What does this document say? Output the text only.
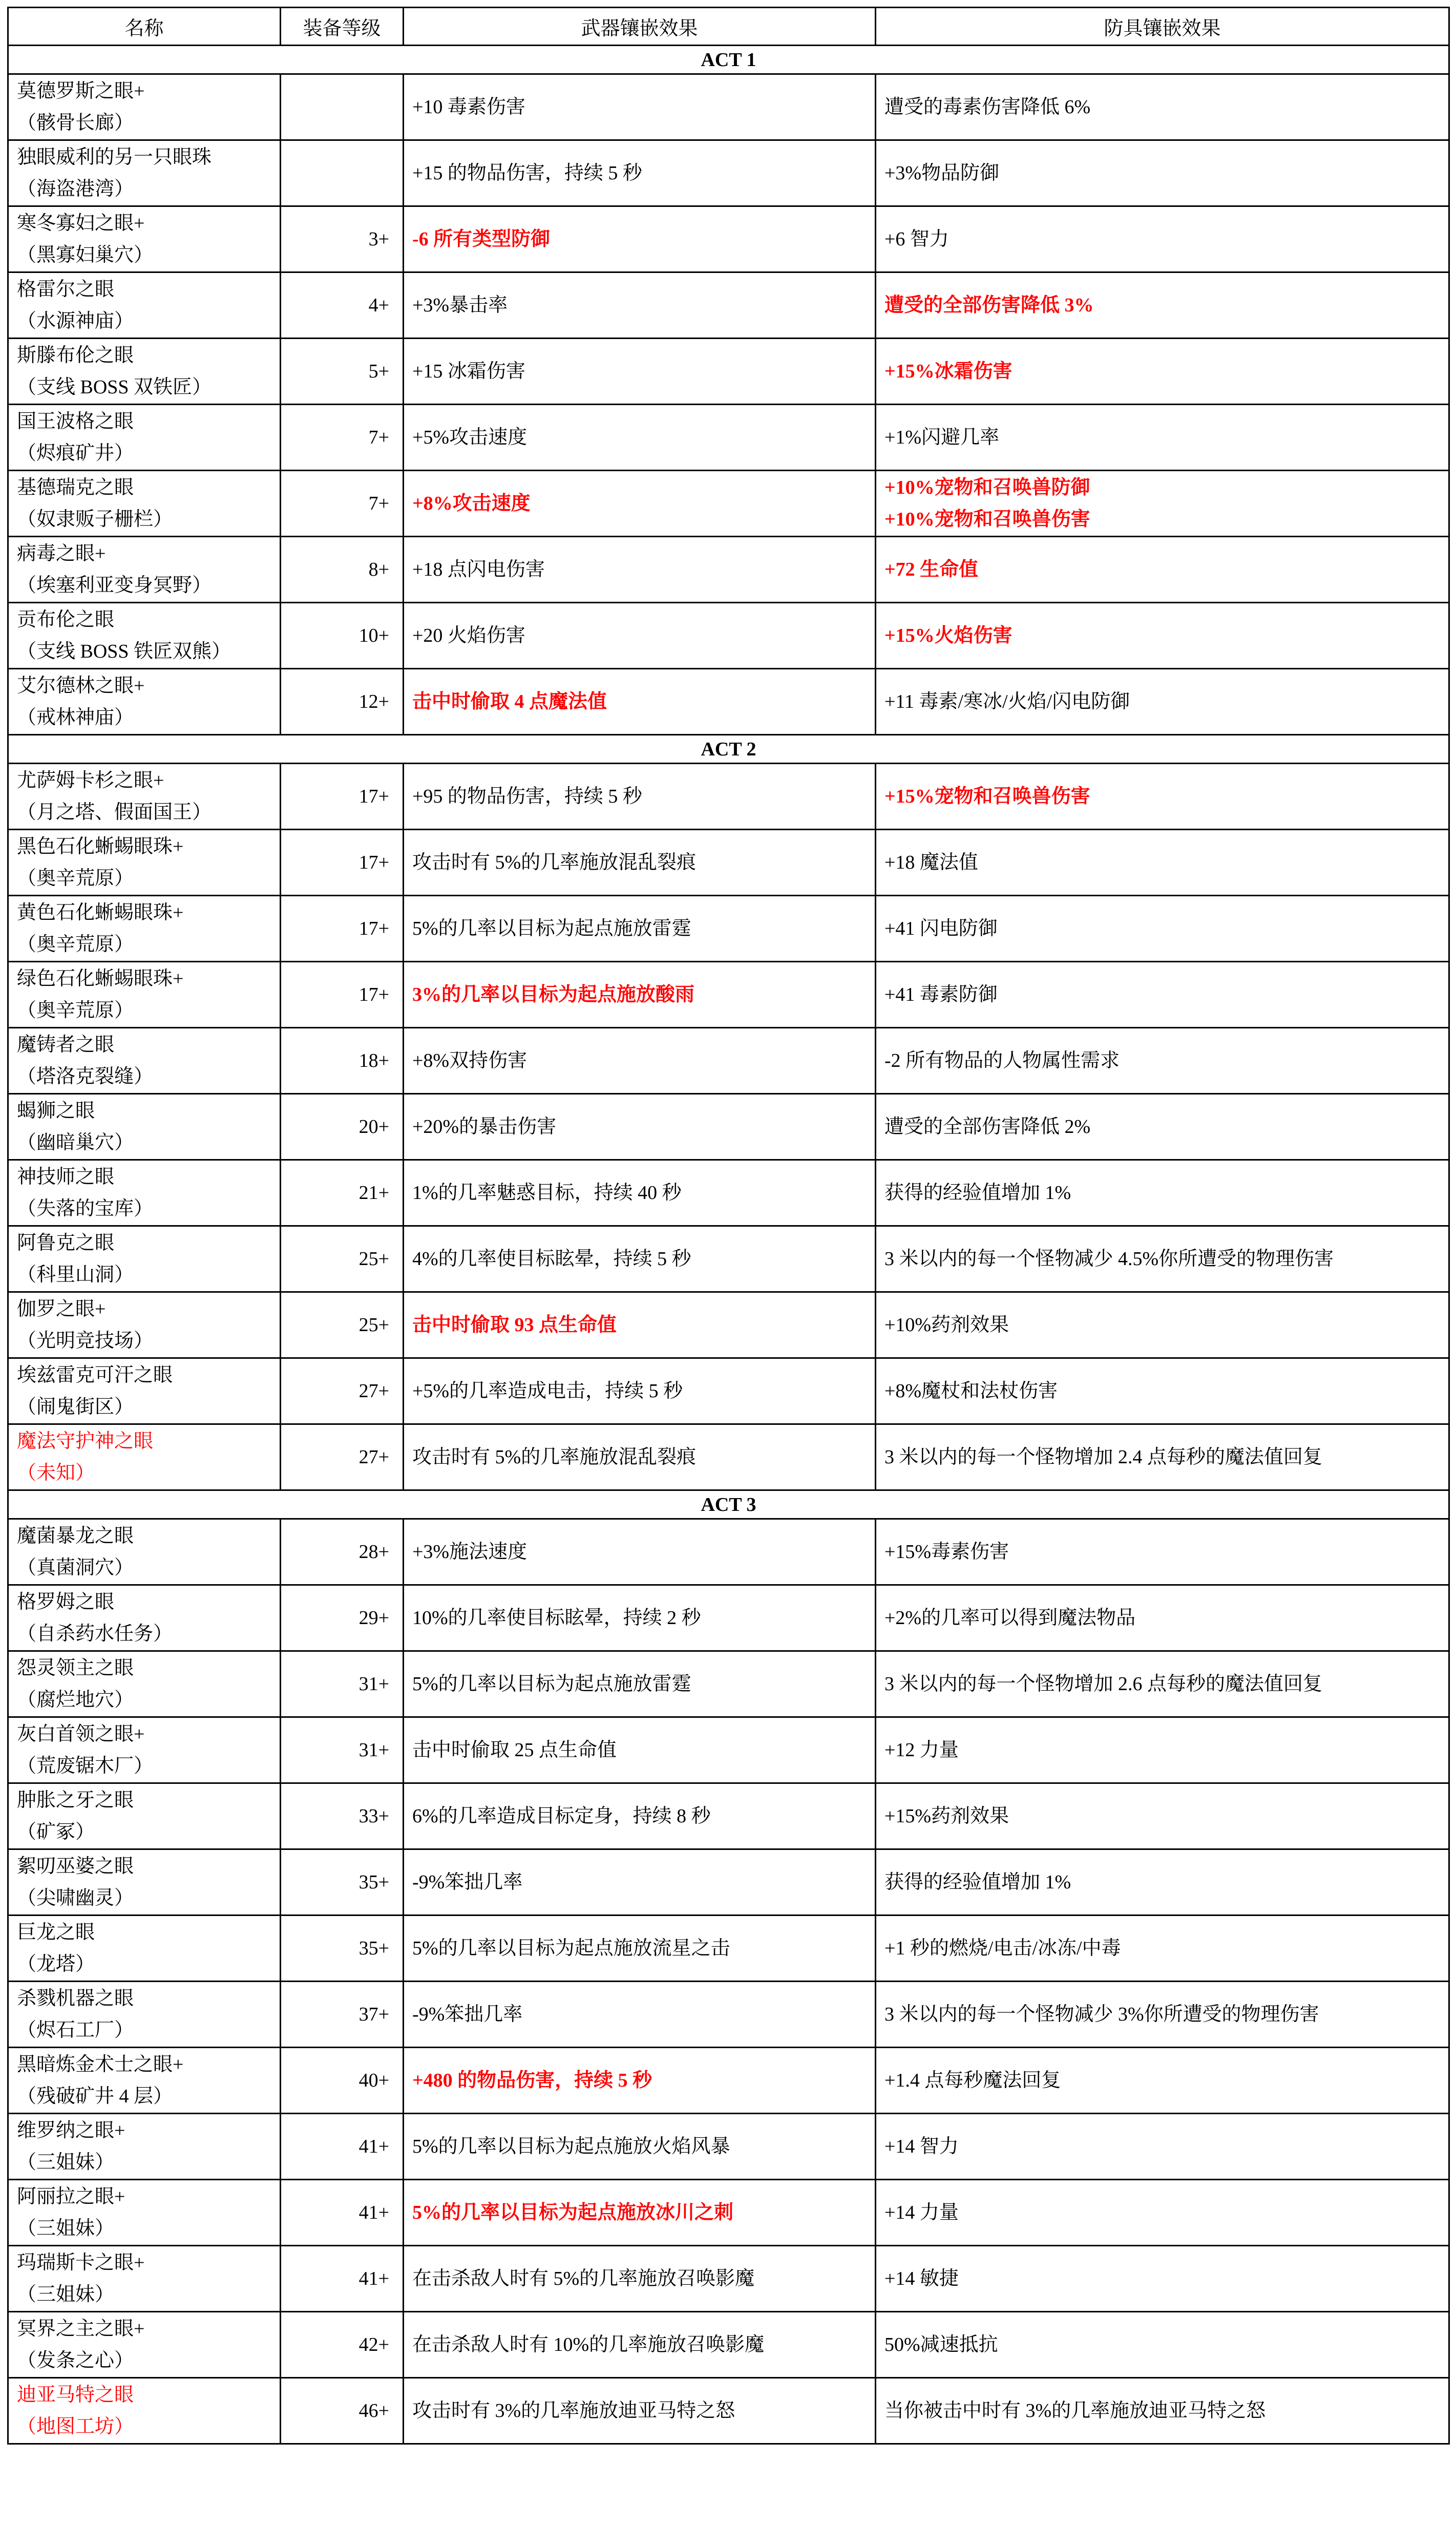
名称	装备等级	武器镶嵌效果	防具镶嵌效果
ACT 1			

莫德罗斯之眼+
（骸骨长廊）		+10 毒素伤害	遭受的毒素伤害降低 6%

独眼威利的另一只眼珠
（海盗港湾）		+15 的物品伤害，持续 5 秒	+3%物品防御

寒冬寡妇之眼+
（黑寡妇巢穴）	3+	-6 所有类型防御	+6 智力

格雷尔之眼
（水源神庙）	4+	+3%暴击率	遭受的全部伤害降低 3%

斯滕布伦之眼
（支线 BOSS 双铁匠）	5+	+15 冰霜伤害	+15%冰霜伤害

国王波格之眼
（烬痕矿井）	7+	+5%攻击速度	+1%闪避几率

基德瑞克之眼
（奴隶贩子栅栏）	7+	+8%攻击速度	+10%宠物和召唤兽防御
+10%宠物和召唤兽伤害

病毒之眼+
（埃塞利亚变身冥野）	8+	+18 点闪电伤害	+72 生命值

贡布伦之眼
（支线 BOSS 铁匠双熊）	10+	+20 火焰伤害	+15%火焰伤害

艾尔德林之眼+
（戒林神庙）	12+	击中时偷取 4 点魔法值	+11 毒素/寒冰/火焰/闪电防御

ACT 2			

尤萨姆卡杉之眼+
（月之塔、假面国王）	17+	+95 的物品伤害，持续 5 秒	+15%宠物和召唤兽伤害

黑色石化蜥蜴眼珠+
（奥辛荒原）	17+	攻击时有 5%的几率施放混乱裂痕	+18 魔法值

黄色石化蜥蜴眼珠+
（奥辛荒原）	17+	5%的几率以目标为起点施放雷霆	+41 闪电防御

绿色石化蜥蜴眼珠+
（奥辛荒原）	17+	3%的几率以目标为起点施放酸雨	+41 毒素防御

魔铸者之眼
（塔洛克裂缝）	18+	+8%双持伤害	-2 所有物品的人物属性需求

蝎狮之眼
（幽暗巢穴）	20+	+20%的暴击伤害	遭受的全部伤害降低 2%

神技师之眼
（失落的宝库）	21+	1%的几率魅惑目标，持续 40 秒	获得的经验值增加 1%

阿鲁克之眼
（科里山洞）	25+	4%的几率使目标眩晕，持续 5 秒	3 米以内的每一个怪物减少 4.5%你所遭受的物理伤害

伽罗之眼+
（光明竞技场）	25+	击中时偷取 93 点生命值	+10%药剂效果

埃兹雷克可汗之眼
（闹鬼街区）	27+	+5%的几率造成电击，持续 5 秒	+8%魔杖和法杖伤害

魔法守护神之眼
（未知）	27+	攻击时有 5%的几率施放混乱裂痕	3 米以内的每一个怪物增加 2.4 点每秒的魔法值回复

ACT 3			

魔菌暴龙之眼
（真菌洞穴）	28+	+3%施法速度	+15%毒素伤害

格罗姆之眼
（自杀药水任务）	29+	10%的几率使目标眩晕，持续 2 秒	+2%的几率可以得到魔法物品

怨灵领主之眼
（腐烂地穴）	31+	5%的几率以目标为起点施放雷霆	3 米以内的每一个怪物增加 2.6 点每秒的魔法值回复

灰白首领之眼+
（荒废锯木厂）	31+	击中时偷取 25 点生命值	+12 力量

肿胀之牙之眼
（矿冢）	33+	6%的几率造成目标定身，持续 8 秒	+15%药剂效果

絮叨巫婆之眼
（尖啸幽灵）	35+	-9%笨拙几率	获得的经验值增加 1%

巨龙之眼
（龙塔）	35+	5%的几率以目标为起点施放流星之击	+1 秒的燃烧/电击/冰冻/中毒

杀戮机器之眼
（烬石工厂）	37+	-9%笨拙几率	3 米以内的每一个怪物减少 3%你所遭受的物理伤害

黑暗炼金术士之眼+
（残破矿井 4 层）	40+	+480 的物品伤害，持续 5 秒	+1.4 点每秒魔法回复

维罗纳之眼+
（三姐妹）	41+	5%的几率以目标为起点施放火焰风暴	+14 智力

阿丽拉之眼+
（三姐妹）	41+	5%的几率以目标为起点施放冰川之刺	+14 力量

玛瑞斯卡之眼+
（三姐妹）	41+	在击杀敌人时有 5%的几率施放召唤影魔	+14 敏捷

冥界之主之眼+
（发条之心）	42+	在击杀敌人时有 10%的几率施放召唤影魔	50%减速抵抗

迪亚马特之眼
（地图工坊）	46+	攻击时有 3%的几率施放迪亚马特之怒	当你被击中时有 3%的几率施放迪亚马特之怒
